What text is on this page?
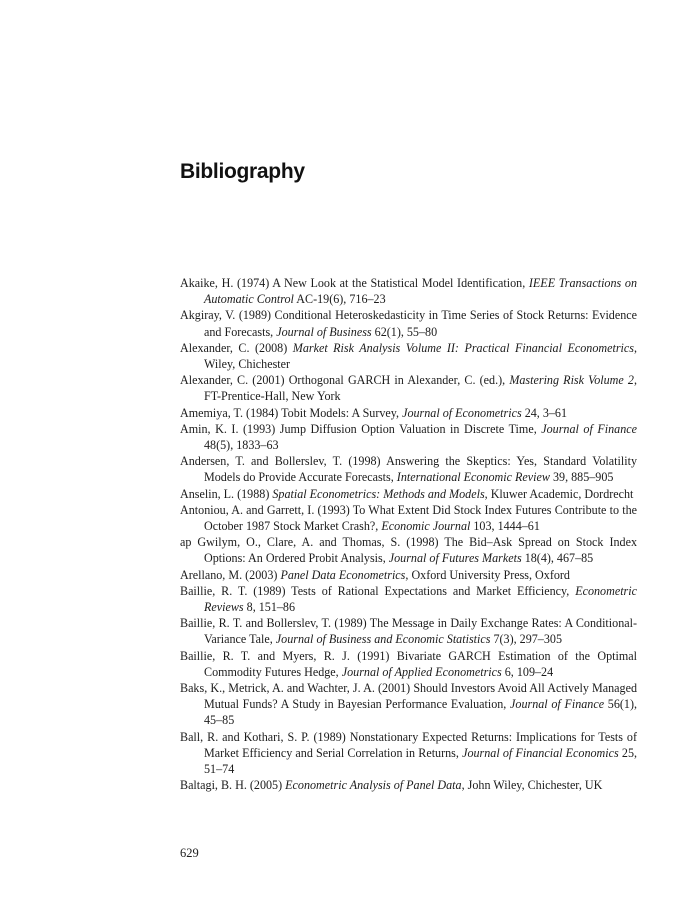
Bibliography
Akaike, H. (1974) A New Look at the Statistical Model Identification, IEEE Transactions on Automatic Control AC-19(6), 716–23
Akgiray, V. (1989) Conditional Heteroskedasticity in Time Series of Stock Returns: Evidence and Forecasts, Journal of Business 62(1), 55–80
Alexander, C. (2008) Market Risk Analysis Volume II: Practical Financial Econometrics, Wiley, Chichester
Alexander, C. (2001) Orthogonal GARCH in Alexander, C. (ed.), Mastering Risk Volume 2, FT-Prentice-Hall, New York
Amemiya, T. (1984) Tobit Models: A Survey, Journal of Econometrics 24, 3–61
Amin, K. I. (1993) Jump Diffusion Option Valuation in Discrete Time, Journal of Finance 48(5), 1833–63
Andersen, T. and Bollerslev, T. (1998) Answering the Skeptics: Yes, Standard Volatility Models do Provide Accurate Forecasts, International Economic Review 39, 885–905
Anselin, L. (1988) Spatial Econometrics: Methods and Models, Kluwer Academic, Dordrecht
Antoniou, A. and Garrett, I. (1993) To What Extent Did Stock Index Futures Contribute to the October 1987 Stock Market Crash?, Economic Journal 103, 1444–61
ap Gwilym, O., Clare, A. and Thomas, S. (1998) The Bid–Ask Spread on Stock Index Options: An Ordered Probit Analysis, Journal of Futures Markets 18(4), 467–85
Arellano, M. (2003) Panel Data Econometrics, Oxford University Press, Oxford
Baillie, R. T. (1989) Tests of Rational Expectations and Market Efficiency, Econometric Reviews 8, 151–86
Baillie, R. T. and Bollerslev, T. (1989) The Message in Daily Exchange Rates: A Conditional-Variance Tale, Journal of Business and Economic Statistics 7(3), 297–305
Baillie, R. T. and Myers, R. J. (1991) Bivariate GARCH Estimation of the Optimal Commodity Futures Hedge, Journal of Applied Econometrics 6, 109–24
Baks, K., Metrick, A. and Wachter, J. A. (2001) Should Investors Avoid All Actively Managed Mutual Funds? A Study in Bayesian Performance Evaluation, Journal of Finance 56(1), 45–85
Ball, R. and Kothari, S. P. (1989) Nonstationary Expected Returns: Implications for Tests of Market Efficiency and Serial Correlation in Returns, Journal of Financial Economics 25, 51–74
Baltagi, B. H. (2005) Econometric Analysis of Panel Data, John Wiley, Chichester, UK
629
